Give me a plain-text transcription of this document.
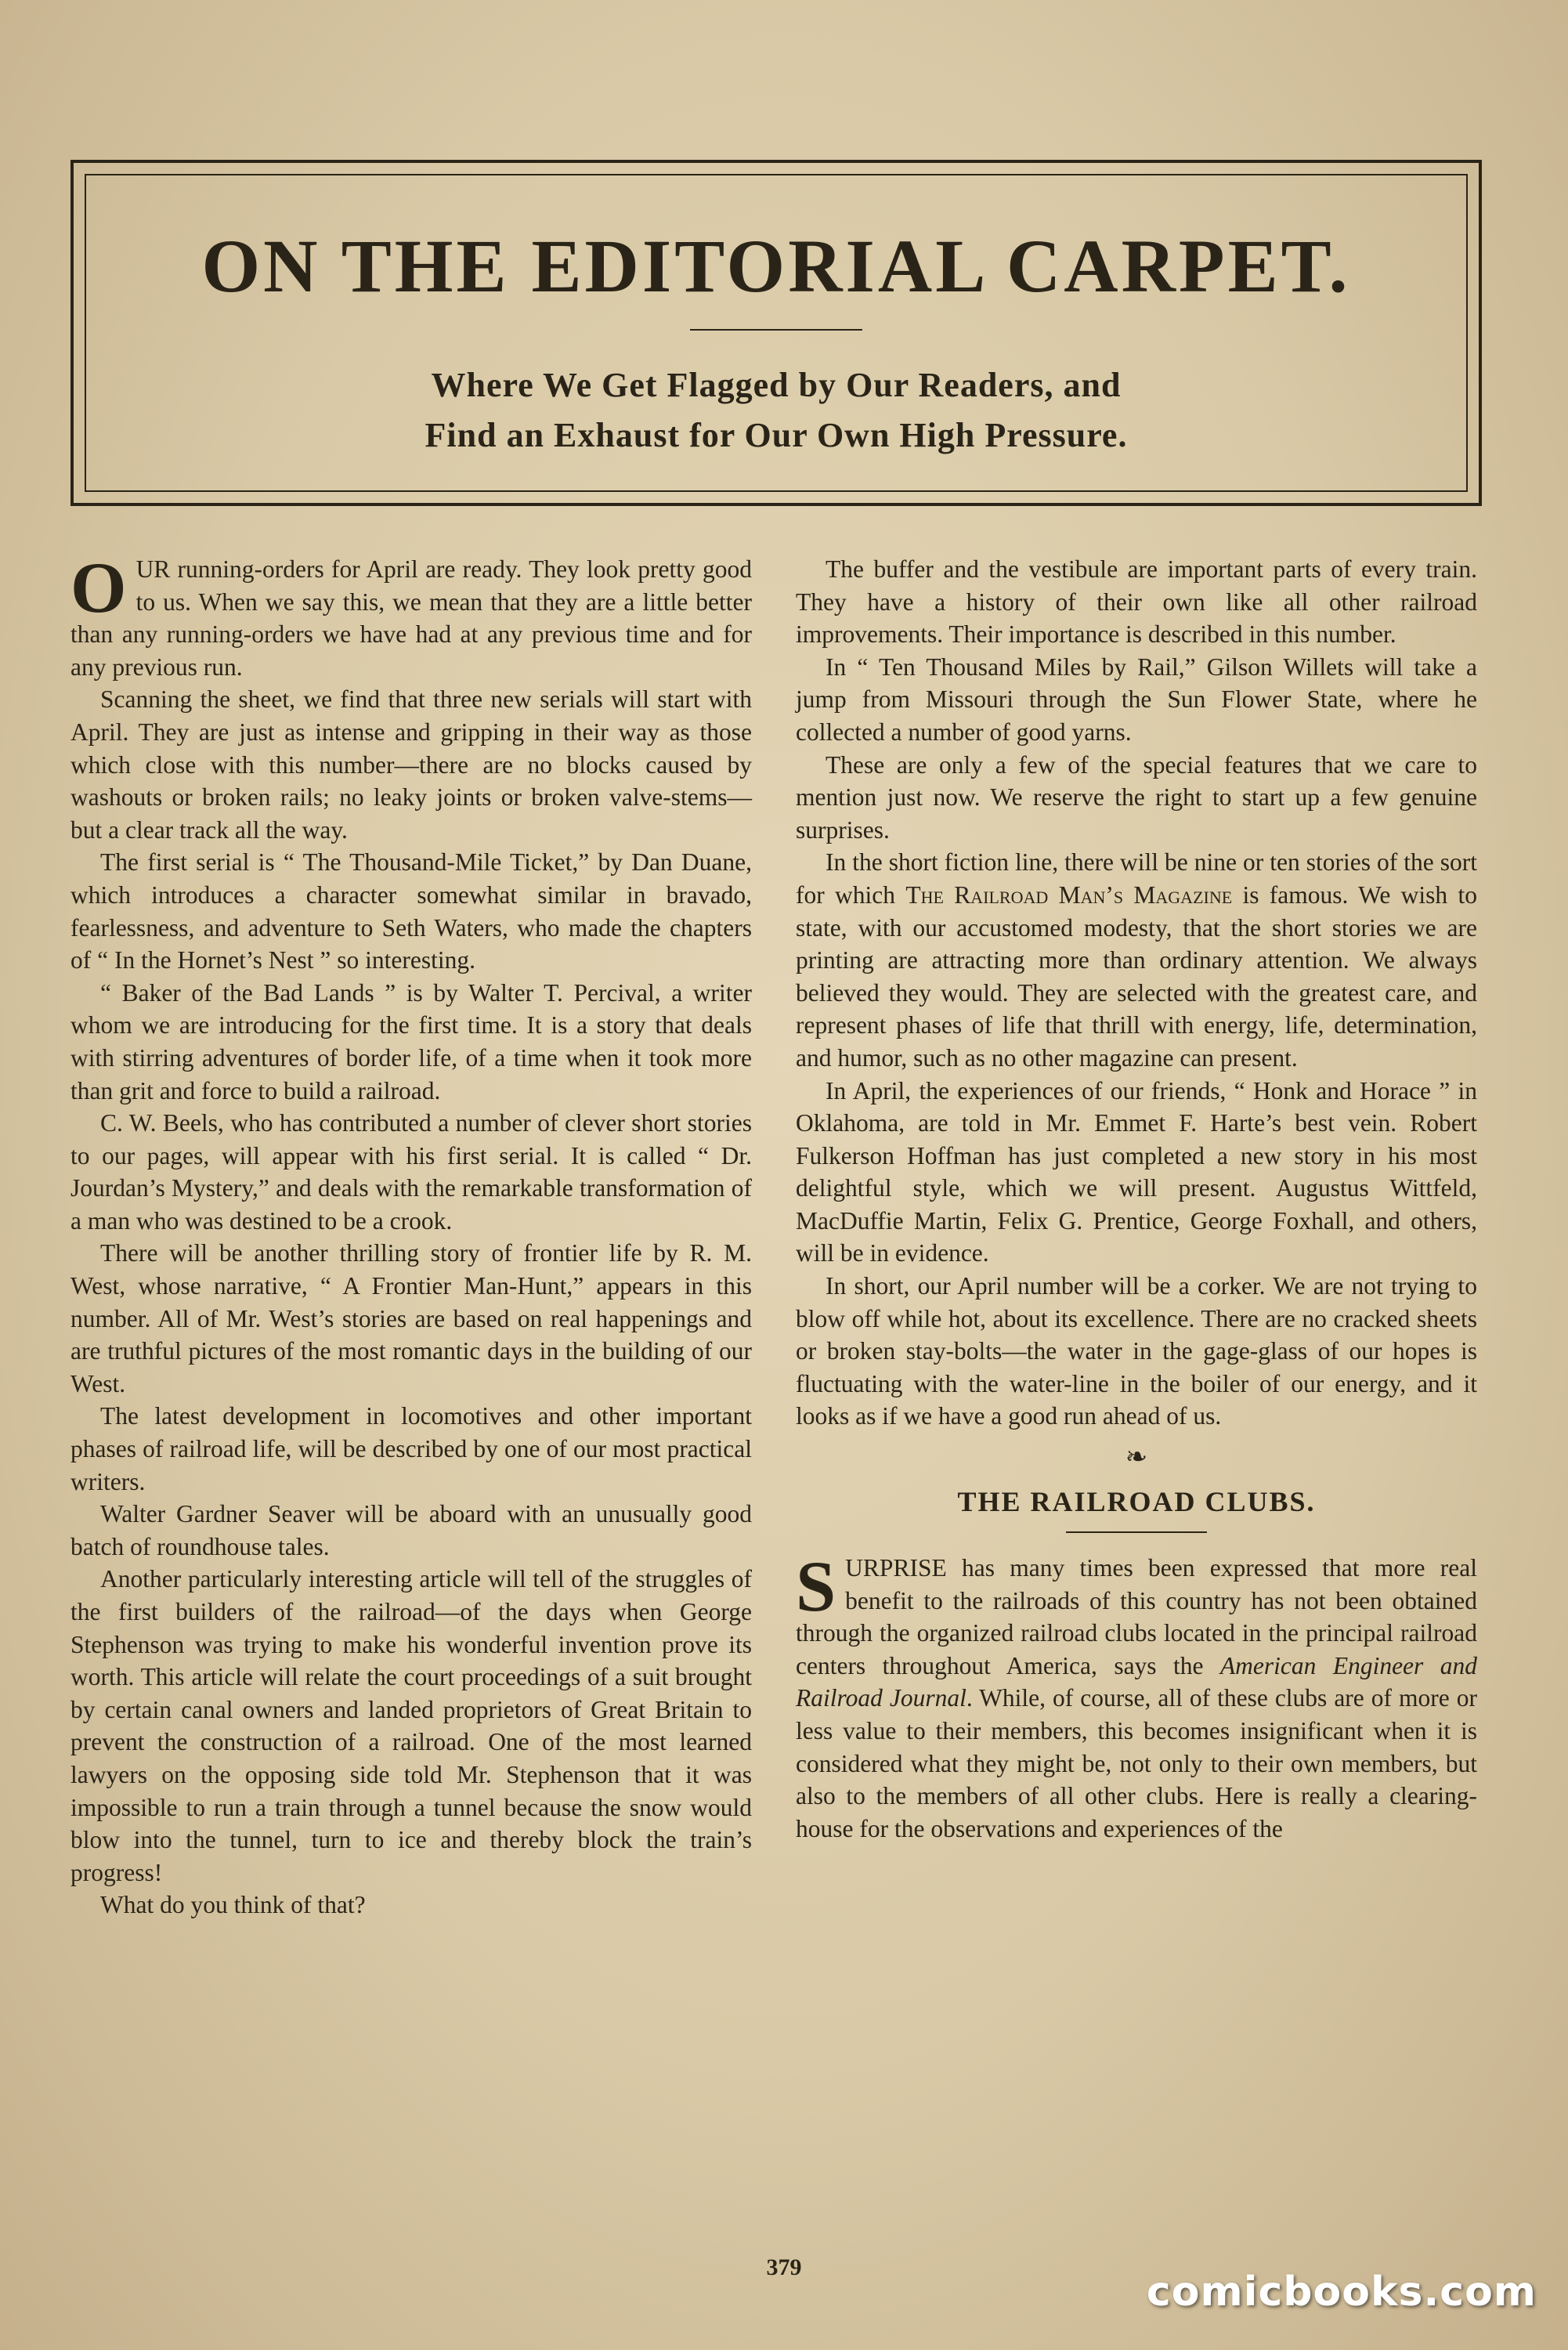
ON THE EDITORIAL CARPET.
Where We Get Flagged by Our Readers, and
Find an Exhaust for Our Own High Pressure.

OUR running-orders for April are ready. They look pretty good to us. When we say this, we mean that they are a little better than any running-orders we have had at any previous time and for any previous run.

Scanning the sheet, we find that three new serials will start with April. They are just as intense and gripping in their way as those which close with this number—there are no blocks caused by washouts or broken rails; no leaky joints or broken valve-stems—but a clear track all the way.

The first serial is “ The Thousand-Mile Ticket,” by Dan Duane, which introduces a character somewhat similar in bravado, fearlessness, and adventure to Seth Waters, who made the chapters of “ In the Hornet’s Nest ” so interesting.

“ Baker of the Bad Lands ” is by Walter T. Percival, a writer whom we are introducing for the first time. It is a story that deals with stirring adventures of border life, of a time when it took more than grit and force to build a railroad.

C. W. Beels, who has contributed a number of clever short stories to our pages, will appear with his first serial. It is called “ Dr. Jourdan’s Mystery,” and deals with the remarkable transformation of a man who was destined to be a crook.

There will be another thrilling story of frontier life by R. M. West, whose narrative, “ A Frontier Man-Hunt,” appears in this number. All of Mr. West’s stories are based on real happenings and are truthful pictures of the most romantic days in the building of our West.

The latest development in locomotives and other important phases of railroad life, will be described by one of our most practical writers.

Walter Gardner Seaver will be aboard with an unusually good batch of roundhouse tales.

Another particularly interesting article will tell of the struggles of the first builders of the railroad—of the days when George Stephenson was trying to make his wonderful invention prove its worth. This article will relate the court proceedings of a suit brought by certain canal owners and landed proprietors of Great Britain to prevent the construction of a railroad. One of the most learned lawyers on the opposing side told Mr. Stephenson that it was impossible to run a train through a tunnel because the snow would blow into the tunnel, turn to ice and thereby block the train’s progress!

What do you think of that?

The buffer and the vestibule are important parts of every train. They have a history of their own like all other railroad improvements. Their importance is described in this number.

In “ Ten Thousand Miles by Rail,” Gilson Willets will take a jump from Missouri through the Sun Flower State, where he collected a number of good yarns.

These are only a few of the special features that we care to mention just now. We reserve the right to start up a few genuine surprises.

In the short fiction line, there will be nine or ten stories of the sort for which The Railroad Man’s Magazine is famous. We wish to state, with our accustomed modesty, that the short stories we are printing are attracting more than ordinary attention. We always believed they would. They are selected with the greatest care, and represent phases of life that thrill with energy, life, determination, and humor, such as no other magazine can present.

In April, the experiences of our friends, “ Honk and Horace ” in Oklahoma, are told in Mr. Emmet F. Harte’s best vein. Robert Fulkerson Hoffman has just completed a new story in his most delightful style, which we will present. Augustus Wittfeld, MacDuffie Martin, Felix G. Prentice, George Foxhall, and others, will be in evidence.

In short, our April number will be a corker. We are not trying to blow off while hot, about its excellence. There are no cracked sheets or broken stay-bolts—the water in the gage-glass of our hopes is fluctuating with the water-line in the boiler of our energy, and it looks as if we have a good run ahead of us.

❧
THE RAILROAD CLUBS.

SURPRISE has many times been expressed that more real benefit to the railroads of this country has not been obtained through the organized railroad clubs located in the principal railroad centers throughout America, says the American Engineer and Railroad Journal. While, of course, all of these clubs are of more or less value to their members, this becomes insignificant when it is considered what they might be, not only to their own members, but also to the members of all other clubs. Here is really a clearing-house for the observations and experiences of the

379
comicbooks.com
